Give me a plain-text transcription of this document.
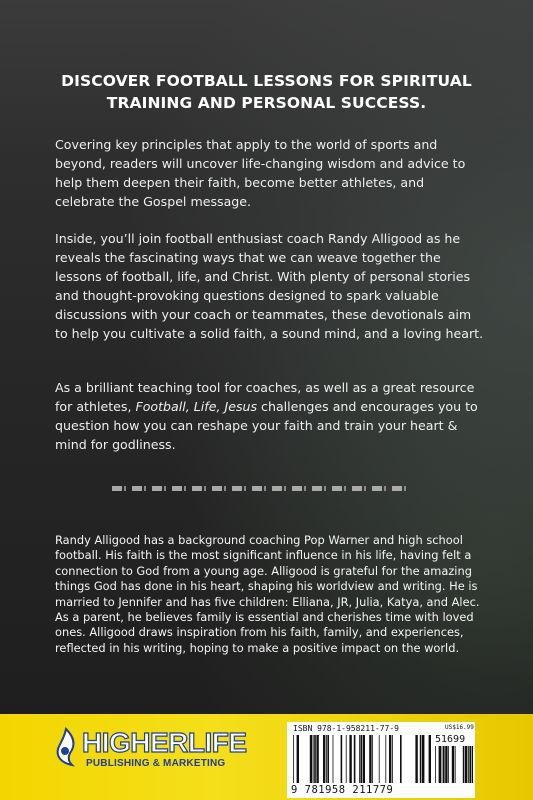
DISCOVER FOOTBALL LESSONS FOR SPIRITUAL TRAINING AND PERSONAL SUCCESS.
Covering key principles that apply to the world of sports and beyond, readers will uncover life-changing wisdom and advice to help them deepen their faith, become better athletes, and celebrate the Gospel message.
Inside, you’ll join football enthusiast coach Randy Alligood as he reveals the fascinating ways that we can weave together the lessons of football, life, and Christ. With plenty of personal stories and thought-provoking questions designed to spark valuable discussions with your coach or teammates, these devotionals aim to help you cultivate a solid faith, a sound mind, and a loving heart.
As a brilliant teaching tool for coaches, as well as a great resource for athletes, Football, Life, Jesus challenges and encourages you to question how you can reshape your faith and train your heart & mind for godliness.
Randy Alligood has a background coaching Pop Warner and high school football. His faith is the most significant influence in his life, having felt a connection to God from a young age. Alligood is grateful for the amazing things God has done in his heart, shaping his worldview and writing. He is married to Jennifer and has five children: Elliana, JR, Julia, Katya, and Alec. As a parent, he believes family is essential and cherishes time with loved ones. Alligood draws inspiration from his faith, family, and experiences, reflected in his writing, hoping to make a positive impact on the world.
HIGHERLIFE
PUBLISHING & MARKETING
ISBN 978-1-958211-77-9	US$16.99
51699
9 781958 211779
